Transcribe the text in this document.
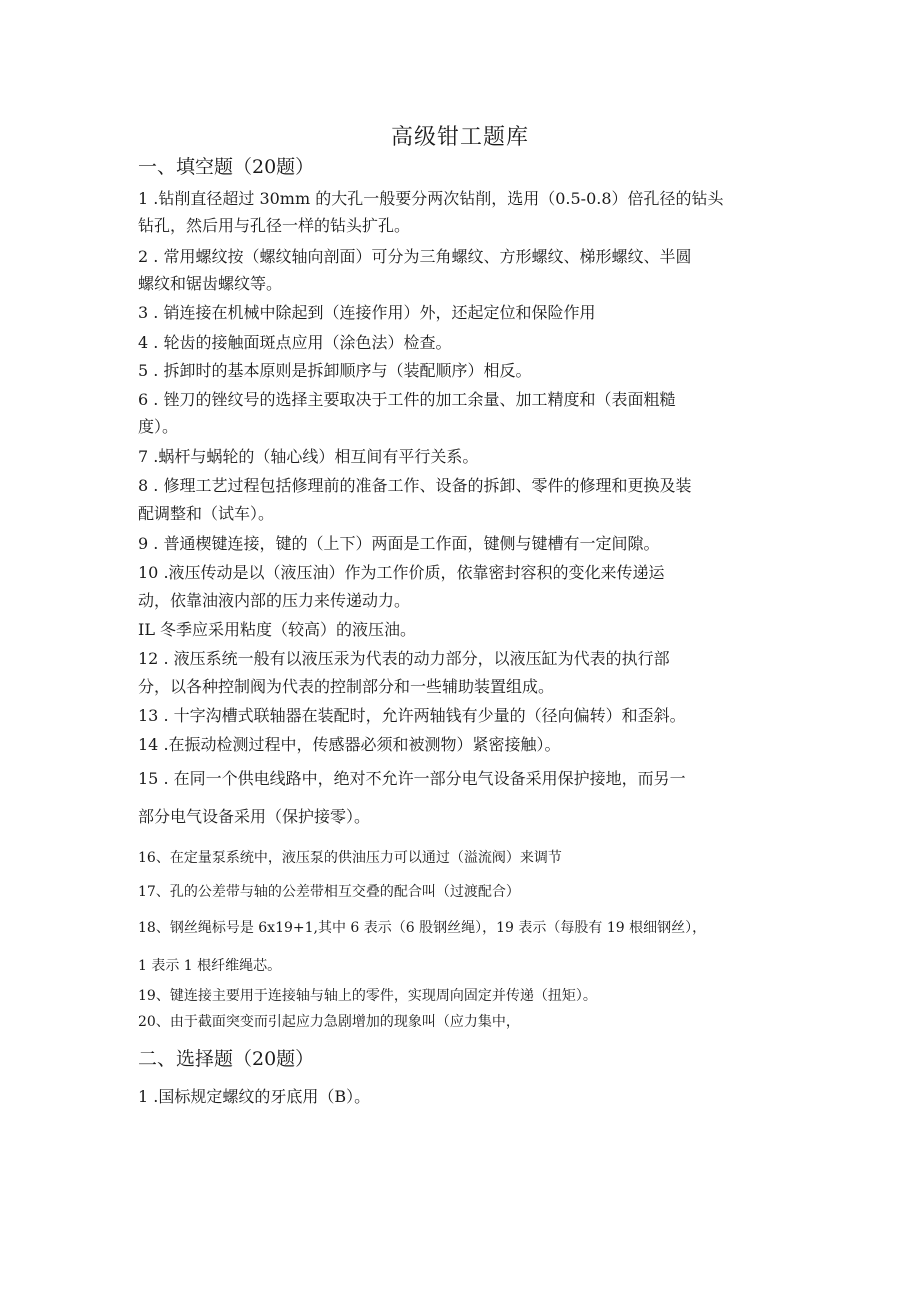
高级钳工题库
一、填空题（20题）
1 .钻削直径超过 30mm 的大孔一般要分两次钻削，选用（0.5-0.8）倍孔径的钻头
钻孔，然后用与孔径一样的钻头扩孔。
2 . 常用螺纹按（螺纹轴向剖面）可分为三角螺纹、方形螺纹、梯形螺纹、半圆
螺纹和锯齿螺纹等。
3 . 销连接在机械中除起到（连接作用）外，还起定位和保险作用
4 . 轮齿的接触面斑点应用（涂色法）检查。
5 . 拆卸时的基本原则是拆卸顺序与（装配顺序）相反。
6 . 锉刀的锉纹号的选择主要取决于工件的加工余量、加工精度和（表面粗糙
度）。
7 .蜗杆与蜗轮的（轴心线）相互间有平行关系。
8 . 修理工艺过程包括修理前的准备工作、设备的拆卸、零件的修理和更换及装
配调整和（试车）。
9 . 普通楔键连接，键的（上下）两面是工作面，键侧与键槽有一定间隙。
10 .液压传动是以（液压油）作为工作价质，依靠密封容积的变化来传递运
动，依靠油液内部的压力来传递动力。
IL 冬季应采用粘度（较高）的液压油。
12 . 液压系统一般有以液压汞为代表的动力部分，以液压缸为代表的执行部
分，以各种控制阀为代表的控制部分和一些辅助装置组成。
13 . 十字沟槽式联轴器在装配时，允许两轴钱有少量的（径向偏转）和歪斜。
14 .在振动检测过程中，传感器必须和被测物）紧密接触）。
15 . 在同一个供电线路中，绝对不允许一部分电气设备采用保护接地，而另一
部分电气设备采用（保护接零）。
16、在定量泵系统中，液压泵的供油压力可以通过（溢流阀）来调节
17、孔的公差带与轴的公差带相互交叠的配合叫（过渡配合）
18、钢丝绳标号是 6x19+1,其中 6 表示（6 股钢丝绳），19 表示（每股有 19 根细钢丝），
1 表示 1 根纤维绳芯。
19、键连接主要用于连接轴与轴上的零件，实现周向固定并传递（扭矩）。
20、由于截面突变而引起应力急剧增加的现象叫（应力集中，
二、选择题（20题）
1 .国标规定螺纹的牙底用（B）。
